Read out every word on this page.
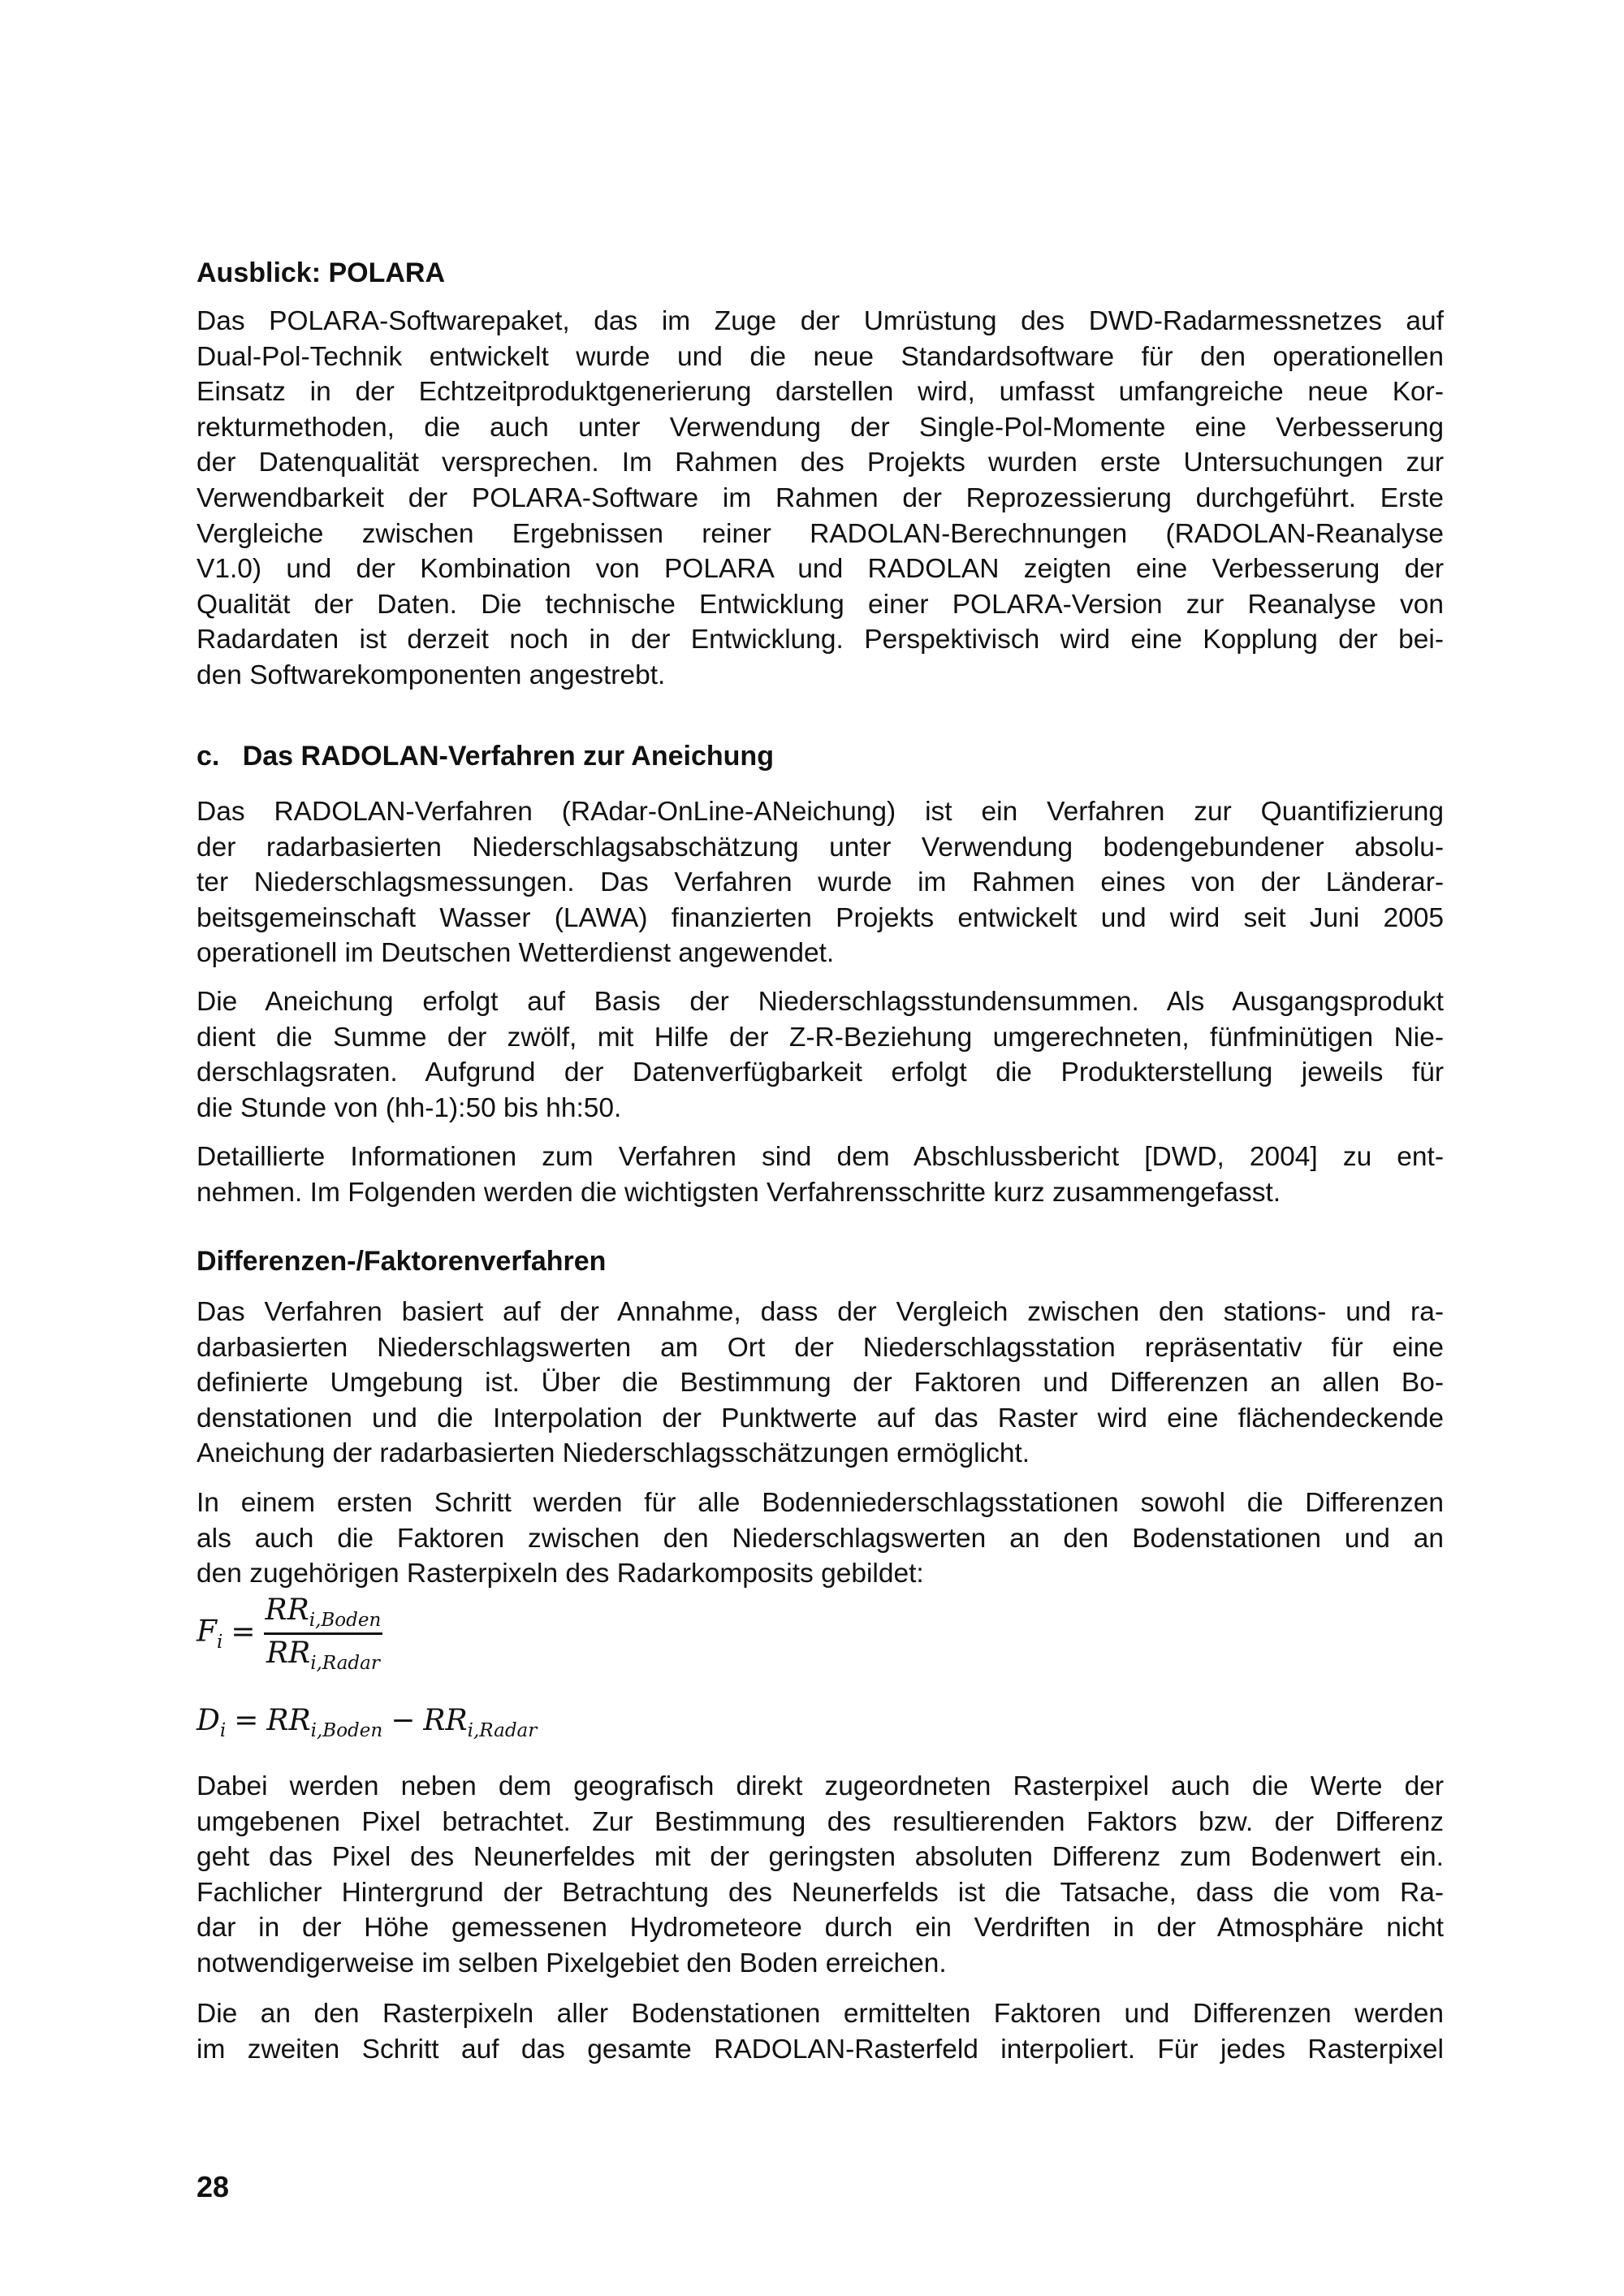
Ausblick: POLARA
Das POLARA-Softwarepaket, das im Zuge der Umrüstung des DWD-Radarmessnetzes auf
Dual-Pol-Technik entwickelt wurde und die neue Standardsoftware für den operationellen
Einsatz in der Echtzeitproduktgenerierung darstellen wird, umfasst umfangreiche neue Kor-
rekturmethoden, die auch unter Verwendung der Single-Pol-Momente eine Verbesserung
der Datenqualität versprechen. Im Rahmen des Projekts wurden erste Untersuchungen zur
Verwendbarkeit der POLARA-Software im Rahmen der Reprozessierung durchgeführt. Erste
Vergleiche zwischen Ergebnissen reiner RADOLAN-Berechnungen (RADOLAN-Reanalyse
V1.0) und der Kombination von POLARA und RADOLAN zeigten eine Verbesserung der
Qualität der Daten. Die technische Entwicklung einer POLARA-Version zur Reanalyse von
Radardaten ist derzeit noch in der Entwicklung. Perspektivisch wird eine Kopplung der bei-
den Softwarekomponenten angestrebt.
c.   Das RADOLAN-Verfahren zur Aneichung
Das RADOLAN-Verfahren (RAdar-OnLine-ANeichung) ist ein Verfahren zur Quantifizierung
der radarbasierten Niederschlagsabschätzung unter Verwendung bodengebundener absolu-
ter Niederschlagsmessungen. Das Verfahren wurde im Rahmen eines von der Länderar-
beitsgemeinschaft Wasser (LAWA) finanzierten Projekts entwickelt und wird seit Juni 2005
operationell im Deutschen Wetterdienst angewendet.
Die Aneichung erfolgt auf Basis der Niederschlagsstundensummen. Als Ausgangsprodukt
dient die Summe der zwölf, mit Hilfe der Z-R-Beziehung umgerechneten, fünfminütigen Nie-
derschlagsraten. Aufgrund der Datenverfügbarkeit erfolgt die Produkterstellung jeweils für
die Stunde von (hh-1):50 bis hh:50.
Detaillierte Informationen zum Verfahren sind dem Abschlussbericht [DWD, 2004] zu ent-
nehmen. Im Folgenden werden die wichtigsten Verfahrensschritte kurz zusammengefasst.
Differenzen-/Faktorenverfahren
Das Verfahren basiert auf der Annahme, dass der Vergleich zwischen den stations- und ra-
darbasierten Niederschlagswerten am Ort der Niederschlagsstation repräsentativ für eine
definierte Umgebung ist. Über die Bestimmung der Faktoren und Differenzen an allen Bo-
denstationen und die Interpolation der Punktwerte auf das Raster wird eine flächendeckende
Aneichung der radarbasierten Niederschlagsschätzungen ermöglicht.
In einem ersten Schritt werden für alle Bodenniederschlagsstationen sowohl die Differenzen
als auch die Faktoren zwischen den Niederschlagswerten an den Bodenstationen und an
den zugehörigen Rasterpixeln des Radarkomposits gebildet:
$F_i = \frac{RR_{i,Boden}}{RR_{i,Radar}}$
$D_i = RR_{i,Boden} - RR_{i,Radar}$
Dabei werden neben dem geografisch direkt zugeordneten Rasterpixel auch die Werte der
umgebenen Pixel betrachtet. Zur Bestimmung des resultierenden Faktors bzw. der Differenz
geht das Pixel des Neunerfeldes mit der geringsten absoluten Differenz zum Bodenwert ein.
Fachlicher Hintergrund der Betrachtung des Neunerfelds ist die Tatsache, dass die vom Ra-
dar in der Höhe gemessenen Hydrometeore durch ein Verdriften in der Atmosphäre nicht
notwendigerweise im selben Pixelgebiet den Boden erreichen.
Die an den Rasterpixeln aller Bodenstationen ermittelten Faktoren und Differenzen werden
im zweiten Schritt auf das gesamte RADOLAN-Rasterfeld interpoliert. Für jedes Rasterpixel
28
